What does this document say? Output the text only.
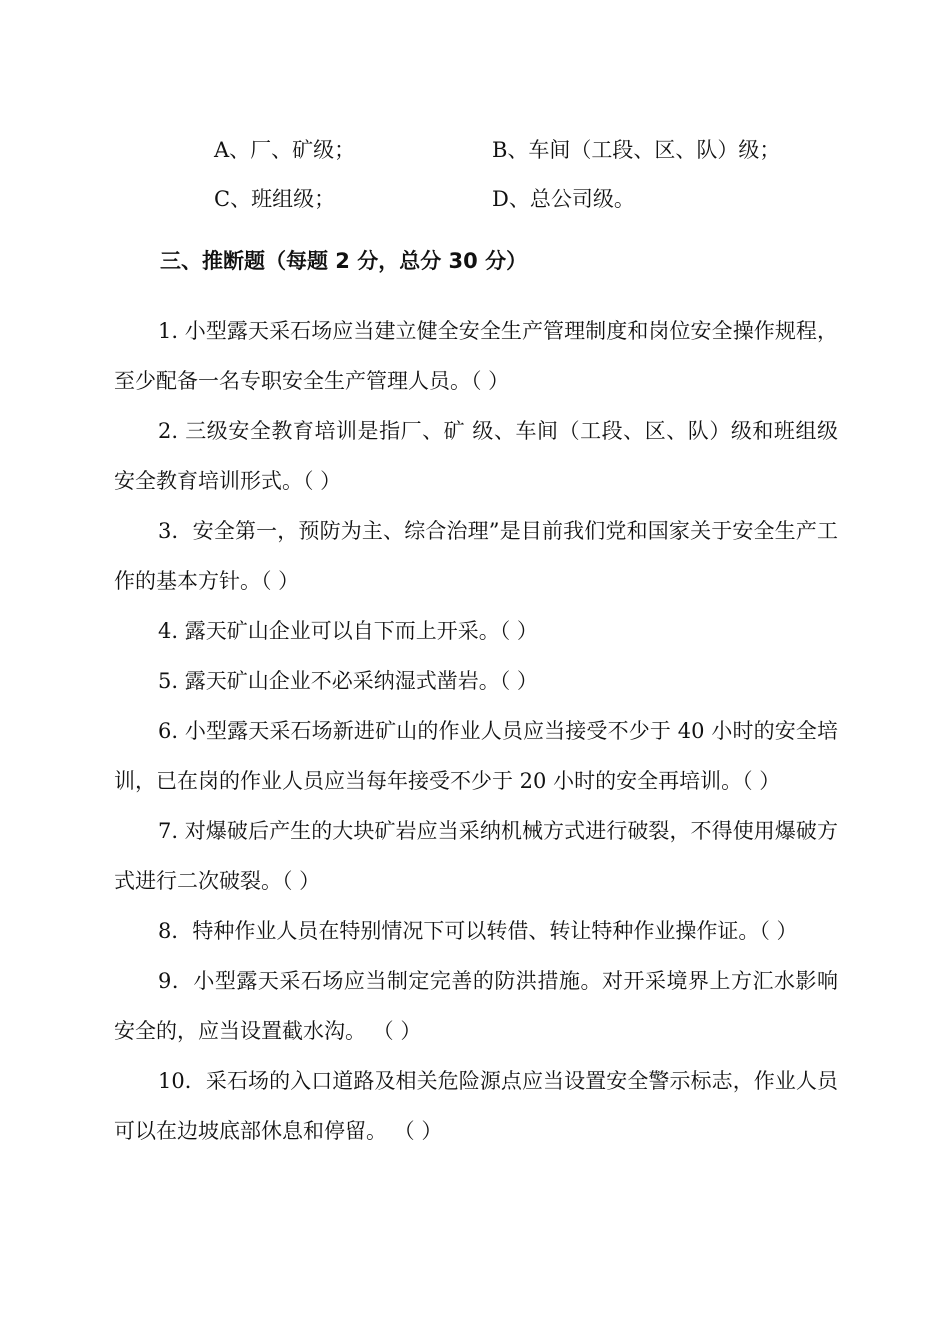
A、厂、矿级；	B、车间（工段、区、队）级；
C、班组级；	D、总公司级。
三、推断题（每题 2 分，总分 30 分）

1. 小型露天采石场应当建立健全安全生产管理制度和岗位安全操作规程，至少配备一名专职安全生产管理人员。（ ）

2. 三级安全教育培训是指厂、矿 级、车间（工段、区、队）级和班组级安全教育培训形式。（ ）

3．安全第一，预防为主、综合治理”是目前我们党和国家关于安全生产工作的基本方针。（ ）

4. 露天矿山企业可以自下而上开采。（ ）

5. 露天矿山企业不必采纳湿式凿岩。（ ）

6. 小型露天采石场新进矿山的作业人员应当接受不少于 40 小时的安全培训，已在岗的作业人员应当每年接受不少于 20 小时的安全再培训。（ ）

7. 对爆破后产生的大块矿岩应当采纳机械方式进行破裂，不得使用爆破方式进行二次破裂。（ ）

8．特种作业人员在特别情况下可以转借、转让特种作业操作证。（ ）

9．小型露天采石场应当制定完善的防洪措施。对开采境界上方汇水影响安全的，应当设置截水沟。 （ ）

10．采石场的入口道路及相关危险源点应当设置安全警示标志，作业人员可以在边坡底部休息和停留。 （ ）
